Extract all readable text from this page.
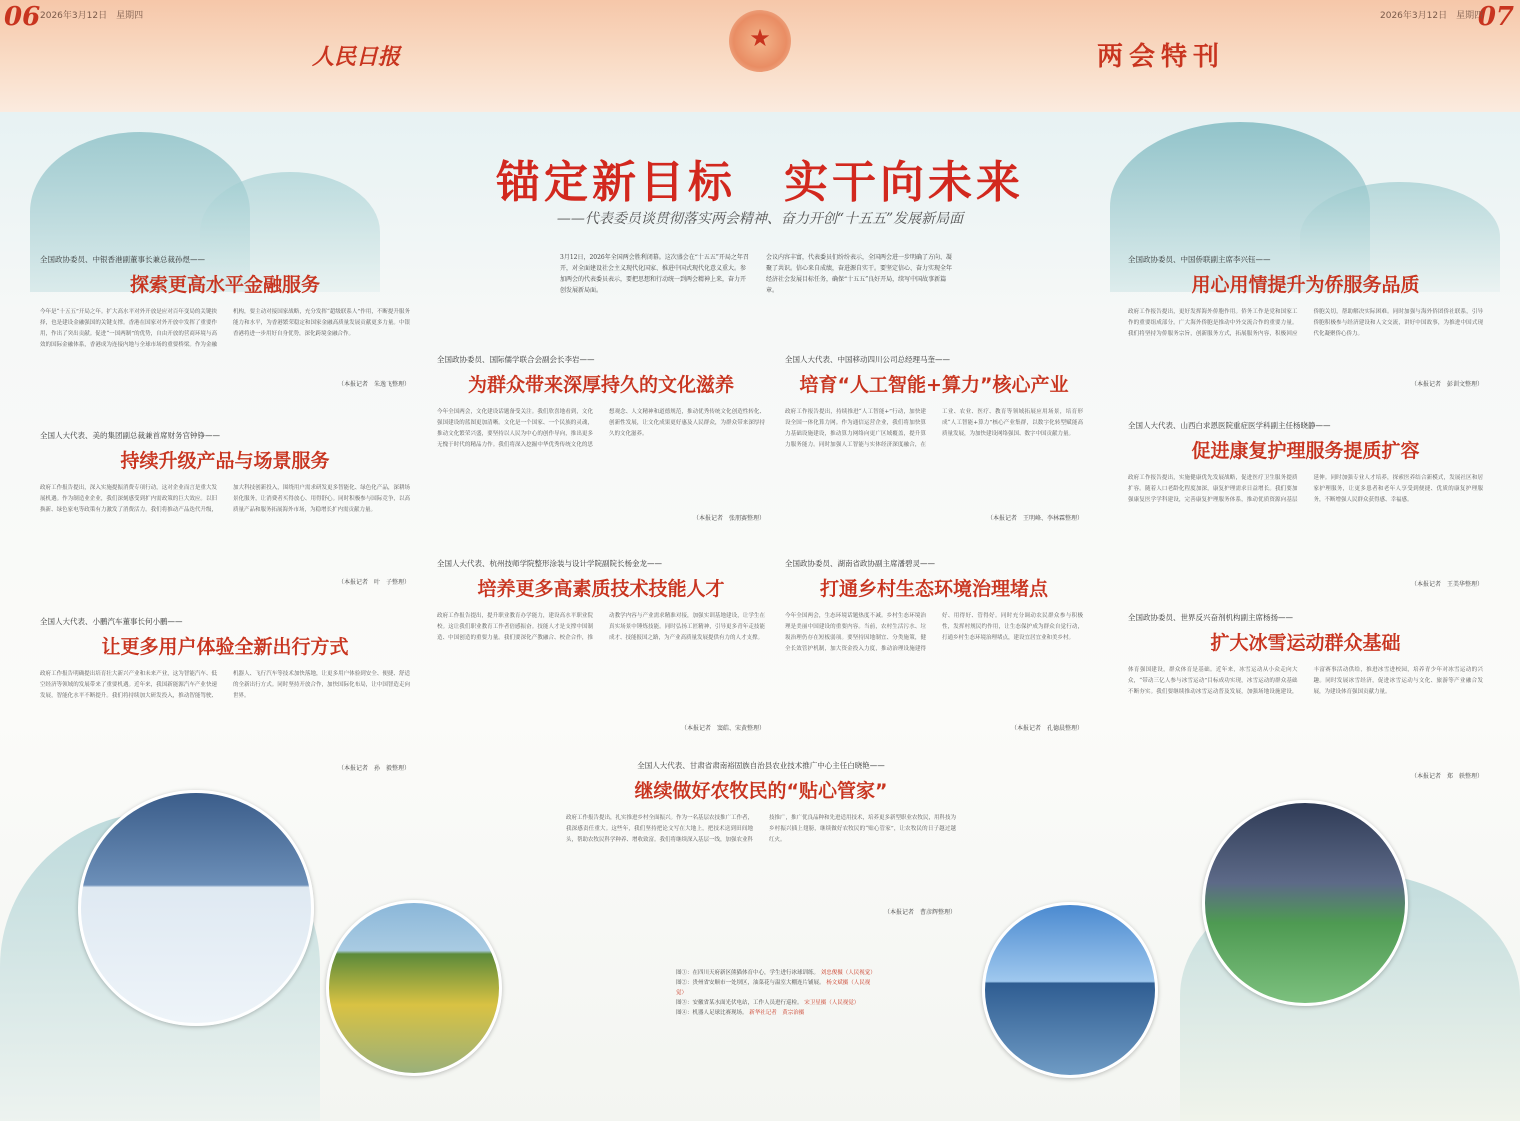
06 2026年3月12日　星期四	07
2026年3月12日　星期四
★
人民日报	两会特刊
锚定新目标　实干向未来
——代表委员谈贯彻落实两会精神、奋力开创“十五五”发展新局面
3月12日，2026年全国两会胜利闭幕。这次盛会在“十五五”开局之年召开，对全面建设社会主义现代化国家、推进中国式现代化意义重大。参加两会的代表委员表示，要把思想和行动统一到两会精神上来，奋力开创发展新局面。
会议内容丰富，代表委员们纷纷表示，全国两会进一步明确了方向、凝聚了共识。信心来自成绩，奋进源自实干。要坚定信心、奋力实现全年经济社会发展目标任务，确保“十五五”良好开局，续写中国故事新篇章。
全国政协委员、中银香港副董事长兼总裁孙煜——
探索更高水平金融服务
今年是“十五五”开局之年。扩大高水平对外开放是应对百年变局的关键抉择，也是建设金融强国的关键支撑。香港在国家对外开放中发挥了重要作用，作出了突出贡献。促进“一国两制”的优势，自由开放的营商环境与高效的国际金融体系，香港成为连接内地与全球市场的重要桥梁。作为金融机构，要主动对接国家战略，充分发挥“超级联系人”作用，不断提升服务能力和水平，为香港繁荣稳定和国家金融高质量发展贡献更多力量。中银香港将进一步用好自身优势，深化跨境金融合作。
（本报记者　朱逸飞整理）
全国人大代表、美的集团副总裁兼首席财务官钟铮——
持续升级产品与场景服务
政府工作报告提出，深入实施提振消费专项行动，这对企业而言是重大发展机遇。作为制造业企业，我们深刻感受到扩内需政策的巨大效应。以旧换新、绿色家电等政策有力激发了消费活力。我们将推动产品迭代升级，加大科技创新投入，围绕用户需求研发更多智能化、绿色化产品，深耕场景化服务，让消费者买得放心、用得舒心。同时积极参与国际竞争，以高质量产品和服务拓展海外市场，为稳增长扩内需贡献力量。
（本报记者　叶　子整理）
全国人大代表、小鹏汽车董事长何小鹏——
让更多用户体验全新出行方式
政府工作报告明确提出培育壮大新兴产业和未来产业，这为智能汽车、低空经济等领域的发展带来了重要机遇。近年来，我国新能源汽车产业快速发展，智能化水平不断提升。我们将持续加大研发投入，推动智能驾驶、机器人、飞行汽车等技术加快落地，让更多用户体验到安全、便捷、舒适的全新出行方式。同时坚持开放合作，加快国际化布局，让中国智造走向世界。
（本报记者　孙　毅整理）
全国政协委员、国际儒学联合会副会长李岩——
为群众带来深厚持久的文化滋养
今年全国两会，文化建设话题备受关注。我们欣喜地看到，文化强国建设的蓝图更加清晰。文化是一个国家、一个民族的灵魂，推动文化繁荣兴盛，要坚持以人民为中心的创作导向，推出更多无愧于时代的精品力作。我们将深入挖掘中华优秀传统文化的思想观念、人文精神和道德规范，推动优秀传统文化创造性转化、创新性发展，让文化成果更好惠及人民群众，为群众带来深厚持久的文化滋养。
（本报记者　张朋赛整理）
全国人大代表、杭州技师学院整形涂装与设计学院副院长杨金龙——
培养更多高素质技术技能人才
政府工作报告提出，提升职业教育办学能力，建设高水平职业院校。这让我们职业教育工作者倍感振奋。技能人才是支撑中国制造、中国创造的重要力量。我们要深化产教融合、校企合作，推动教学内容与产业需求精准对接，加强实训基地建设，让学生在真实场景中锤炼技能。同时弘扬工匠精神，引导更多青年走技能成才、技能报国之路，为产业高质量发展提供有力的人才支撑。
（本报记者　窦皓、宋黄整理）
全国人大代表、中国移动四川公司总经理马奎——
培育“人工智能+算力”核心产业
政府工作报告提出，持续推进“人工智能+”行动，加快建设全国一体化算力网。作为通信运营企业，我们将加快算力基础设施建设，推动算力网络向更广区域覆盖，提升算力服务能力。同时加强人工智能与实体经济深度融合，在工业、农业、医疗、教育等领域拓展应用场景，培育形成“人工智能+算力”核心产业集群，以数字化转型赋能高质量发展，为加快建设网络强国、数字中国贡献力量。
（本报记者　王明峰、李林霖整理）
全国政协委员、湖南省政协副主席潘碧灵——
打通乡村生态环境治理堵点
今年全国两会，生态环境话题热度不减。乡村生态环境治理是美丽中国建设的重要内容。当前，农村生活污水、垃圾治理仍存在短板弱项。要坚持因地制宜、分类施策，健全长效管护机制，加大资金投入力度，推动治理设施建得好、用得好、管得好。同时充分调动农民群众参与积极性，发挥村规民约作用，让生态保护成为群众自觉行动，打通乡村生态环境治理堵点，建设宜居宜业和美乡村。
（本报记者　孔德晨整理）
全国政协委员、中国侨联副主席李兴钰——
用心用情提升为侨服务品质
政府工作报告提出，更好发挥海外侨胞作用。侨务工作是党和国家工作的重要组成部分。广大海外侨胞是推动中外交流合作的重要力量。我们将坚持为侨服务宗旨，创新服务方式，拓展服务内容，积极回应侨胞关切，帮助解决实际困难。同时加强与海外侨团侨社联系，引导侨胞积极参与经济建设和人文交流，讲好中国故事，为推进中国式现代化凝聚侨心侨力。
（本报记者　彭训文整理）
全国人大代表、山西白求恩医院重症医学科副主任杨晓静——
促进康复护理服务提质扩容
政府工作报告提出，实施健康优先发展战略，促进医疗卫生服务提质扩容。随着人口老龄化程度加深，康复护理需求日益增长。我们要加强康复医学学科建设，完善康复护理服务体系，推动优质资源向基层延伸。同时加强专业人才培养，探索医养结合新模式，发展社区和居家护理服务，让更多患者和老年人享受到便捷、优质的康复护理服务，不断增强人民群众获得感、幸福感。
（本报记者　王美华整理）
全国政协委员、世界反兴奋剂机构副主席杨扬——
扩大冰雪运动群众基础
体育强国建设，群众体育是基础。近年来，冰雪运动从小众走向大众，“带动三亿人参与冰雪运动”目标成功实现，冰雪运动的群众基础不断夯实。我们要继续推动冰雪运动普及发展，加强场地设施建设，丰富赛事活动供给，推进冰雪进校园，培养青少年对冰雪运动的兴趣。同时发展冰雪经济，促进冰雪运动与文化、旅游等产业融合发展，为建设体育强国贡献力量。
（本报记者　郑　轶整理）
全国人大代表、甘肃省肃南裕固族自治县农业技术推广中心主任白晓艳——
继续做好农牧民的“贴心管家”
政府工作报告提出，扎实推进乡村全面振兴。作为一名基层农技推广工作者，我深感责任重大。这些年，我们坚持把论文写在大地上，把技术送到田间地头，帮助农牧民科学种养、增收致富。我们将继续深入基层一线，加强农业科技推广，推广优良品种和先进适用技术，培养更多新型职业农牧民，用科技为乡村振兴插上翅膀，继续做好农牧民的“贴心管家”，让农牧民的日子越过越红火。
（本报记者　曹彦辉整理）
图①：在四川天府新区熊猫体育中心，学生进行冰球训练。 刘忠俊摄（人民视觉）
图②：贵州省安顺市一处坝区，油菜花与温室大棚连片铺展。 杨文斌摄（人民视觉）
图③：安徽省某水面光伏电站，工作人员进行巡检。 宋卫星摄（人民视觉）
图④：机器人足球比赛现场。 新华社记者　黄宗治摄
